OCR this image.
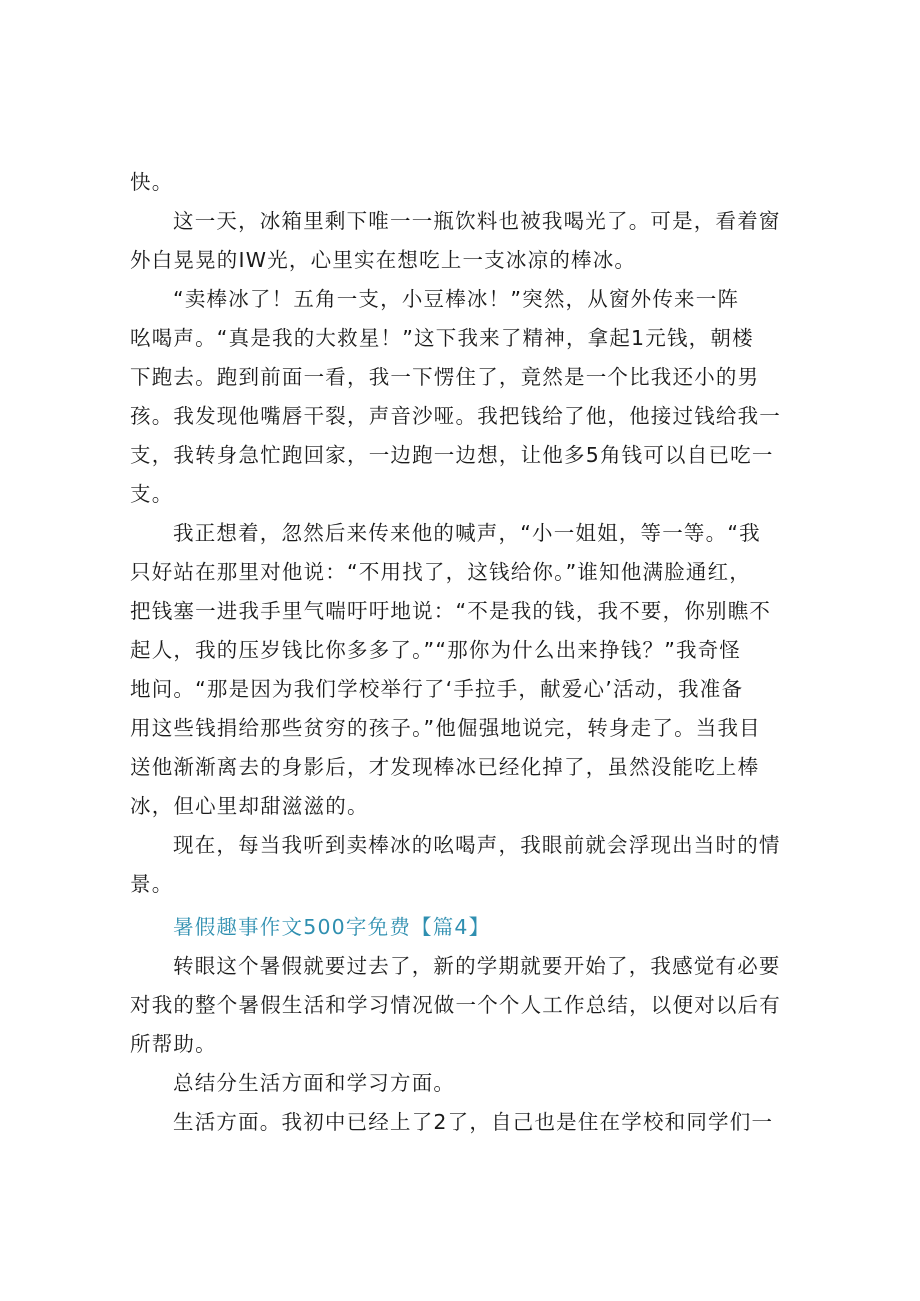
快。
这一天，冰箱里剩下唯一一瓶饮料也被我喝光了。可是，看着窗
外白晃晃的IW光，心里实在想吃上一支冰凉的棒冰。
“卖棒冰了！五角一支，小豆棒冰！”突然，从窗外传来一阵
吆喝声。“真是我的大救星！”这下我来了精神，拿起1元钱，朝楼
下跑去。跑到前面一看，我一下愣住了，竟然是一个比我还小的男
孩。我发现他嘴唇干裂，声音沙哑。我把钱给了他，他接过钱给我一
支，我转身急忙跑回家，一边跑一边想，让他多5角钱可以自已吃一
支。
我正想着，忽然后来传来他的喊声，“小一姐姐，等一等。“我
只好站在那里对他说：“不用找了，这钱给你。”谁知他满脸通红，
把钱塞一进我手里气喘吁吁地说：“不是我的钱，我不要，你别瞧不
起人，我的压岁钱比你多多了。”“那你为什么出来挣钱？”我奇怪
地问。“那是因为我们学校举行了‘手拉手，献爱心’活动，我准备
用这些钱捐给那些贫穷的孩子。”他倔强地说完，转身走了。当我目
送他渐渐离去的身影后，才发现棒冰已经化掉了，虽然没能吃上棒
冰，但心里却甜滋滋的。
现在，每当我听到卖棒冰的吆喝声，我眼前就会浮现出当时的情
景。
暑假趣事作文500字免费【篇4】
转眼这个暑假就要过去了，新的学期就要开始了，我感觉有必要
对我的整个暑假生活和学习情况做一个个人工作总结，以便对以后有
所帮助。
总结分生活方面和学习方面。
生活方面。我初中已经上了2了，自己也是住在学校和同学们一
